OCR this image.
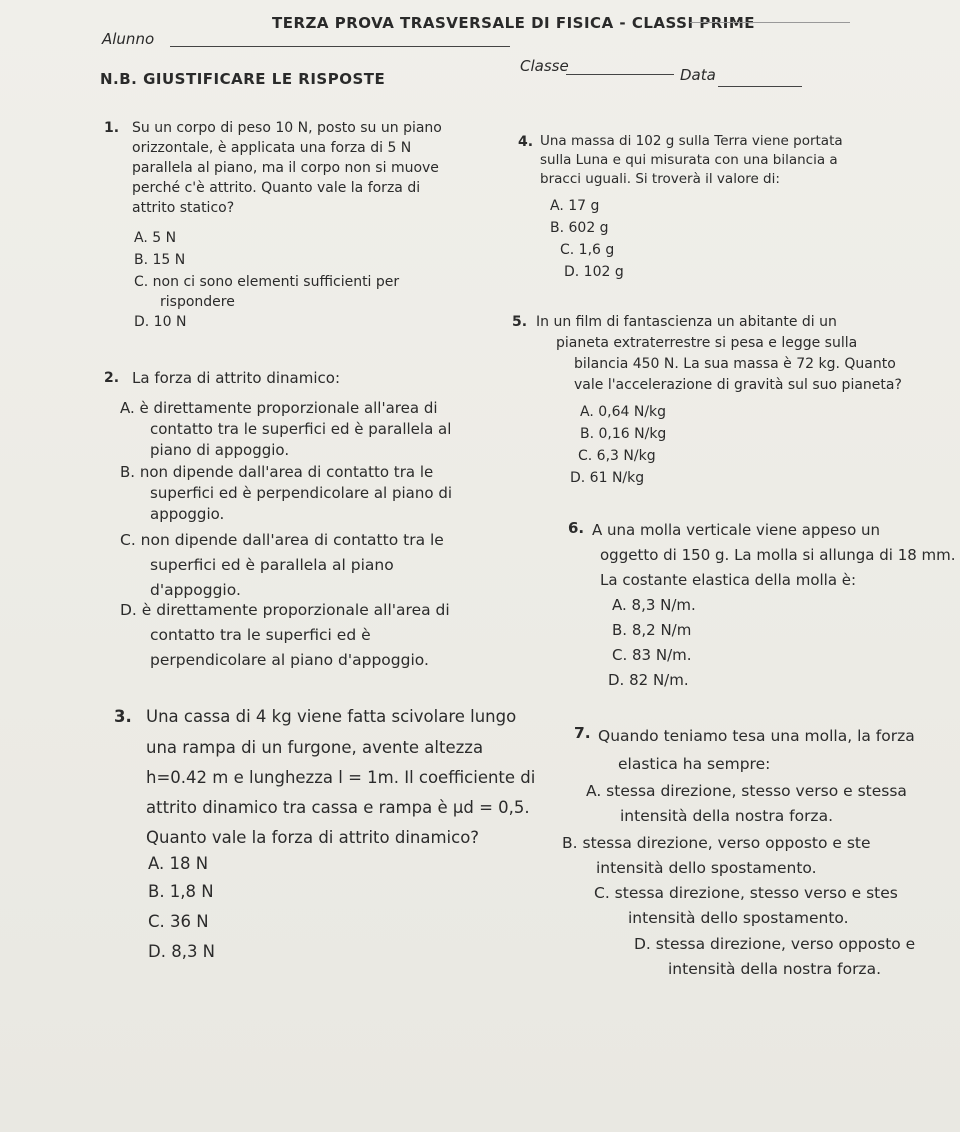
TERZA PROVA TRASVERSALE DI FISICA - CLASSI PRIME
Alunno
Classe	Data
N.B. GIUSTIFICARE LE RISPOSTE
1. Su un corpo di peso 10 N, posto su un piano
orizzontale, è applicata una forza di 5 N
parallela al piano, ma il corpo non si muove
perché c'è attrito. Quanto vale la forza di
attrito statico?
A. 5 N
B. 15 N
C. non ci sono elementi sufficienti per
rispondere
D. 10 N
2. La forza di attrito dinamico:
A. è direttamente proporzionale all'area di
contatto tra le superfici ed è parallela al
piano di appoggio.
B. non dipende dall'area di contatto tra le
superfici ed è perpendicolare al piano di
appoggio.
C. non dipende dall'area di contatto tra le
superfici ed è parallela al piano
d'appoggio.
D. è direttamente proporzionale all'area di
contatto tra le superfici ed è
perpendicolare al piano d'appoggio.
3. Una cassa di 4 kg viene fatta scivolare lungo
una rampa di un furgone, avente altezza
h=0.42 m e lunghezza l = 1m. Il coefficiente di
attrito dinamico tra cassa e rampa è µd = 0,5.
Quanto vale la forza di attrito dinamico?
A. 18 N
B. 1,8 N
C. 36 N
D. 8,3 N
4. Una massa di 102 g sulla Terra viene portata
sulla Luna e qui misurata con una bilancia a
bracci uguali. Si troverà il valore di:
A. 17 g
B. 602 g
C. 1,6 g
D. 102 g
5. In un film di fantascienza un abitante di un
pianeta extraterrestre si pesa e legge sulla
bilancia 450 N. La sua massa è 72 kg. Quanto
vale l'accelerazione di gravità sul suo pianeta?
A. 0,64 N/kg
B. 0,16 N/kg
C. 6,3 N/kg
D. 61 N/kg
6. A una molla verticale viene appeso un
oggetto di 150 g. La molla si allunga di 18 mm.
La costante elastica della molla è:
A. 8,3 N/m.
B. 8,2 N/m
C. 83 N/m.
D. 82 N/m.
7. Quando teniamo tesa una molla, la forza
elastica ha sempre:
A. stessa direzione, stesso verso e stessa
intensità della nostra forza.
B. stessa direzione, verso opposto e ste
intensità dello spostamento.
C. stessa direzione, stesso verso e stes
intensità dello spostamento.
D. stessa direzione, verso opposto e
intensità della nostra forza.
